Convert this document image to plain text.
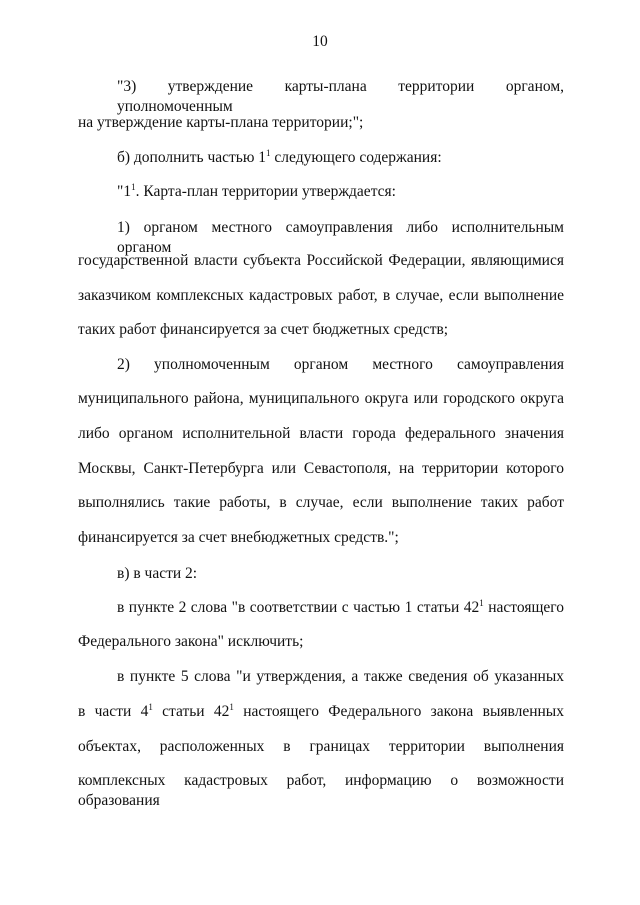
10
"3) утверждение карты-плана территории органом, уполномоченным
на утверждение карты-плана территории;";
б) дополнить частью $1^1$ следующего содержания:
"$1^1$. Карта-план территории утверждается:
1) органом местного самоуправления либо исполнительным органом
государственной власти субъекта Российской Федерации, являющимися
заказчиком комплексных кадастровых работ, в случае, если выполнение
таких работ финансируется за счет бюджетных средств;
2) уполномоченным органом местного самоуправления
муниципального района, муниципального округа или городского округа
либо органом исполнительной власти города федерального значения
Москвы, Санкт-Петербурга или Севастополя, на территории которого
выполнялись такие работы, в случае, если выполнение таких работ
финансируется за счет внебюджетных средств.";
в) в части 2:
в пункте 2 слова "в соответствии с частью 1 статьи $42^1$ настоящего
Федерального закона" исключить;
в пункте 5 слова "и утверждения, а также сведения об указанных
в части $4^1$ статьи $42^1$ настоящего Федерального закона выявленных
объектах, расположенных в границах территории выполнения
комплексных кадастровых работ, информацию о возможности образования
